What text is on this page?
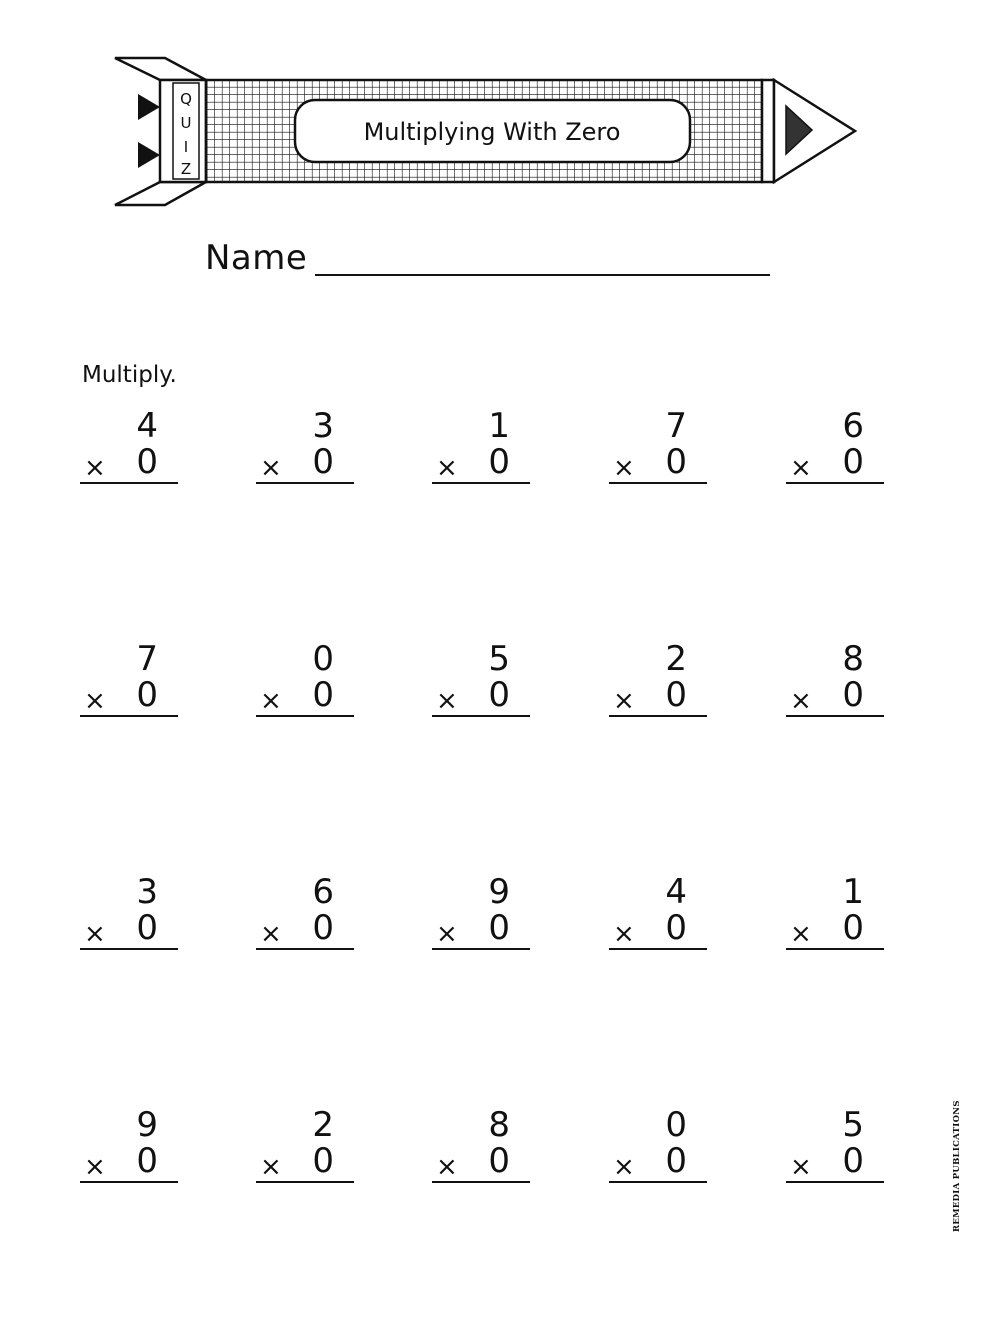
Multiplying With Zero
Q
U
I
Z
Name
Multiply.
4
× 0
3
× 0
1
× 0
7
× 0
6
× 0
7
× 0
0
× 0
5
× 0
2
× 0
8
× 0
3
× 0
6
× 0
9
× 0
4
× 0
1
× 0
9
× 0
2
× 0
8
× 0
0
× 0
5
× 0	REMEDIA PUBLICATIONS
